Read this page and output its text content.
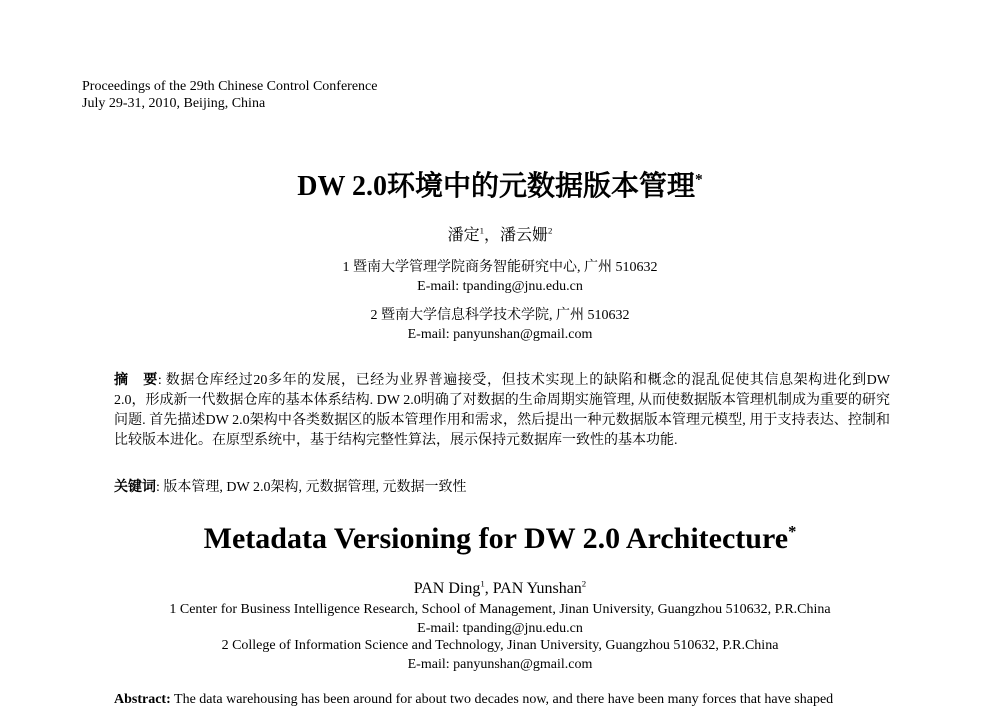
Proceedings of the 29th Chinese Control Conference
July 29-31, 2010, Beijing, China
DW 2.0环境中的元数据版本管理*
潘定$^1$，潘云姗$^2$
1 暨南大学管理学院商务智能研究中心, 广州 510632
E-mail: tpanding@jnu.edu.cn
2 暨南大学信息科学技术学院, 广州 510632
E-mail: panyunshan@gmail.com
摘　要: 数据仓库经过20多年的发展，已经为业界普遍接受，但技术实现上的缺陷和概念的混乱促使其信息架构进化到DW 2.0，形成新一代数据仓库的基本体系结构. DW 2.0明确了对数据的生命周期实施管理, 从而使数据版本管理机制成为重要的研究问题. 首先描述DW 2.0架构中各类数据区的版本管理作用和需求，然后提出一种元数据版本管理元模型, 用于支持表达、控制和比较版本进化。在原型系统中，基于结构完整性算法，展示保持元数据库一致性的基本功能.
关键词: 版本管理, DW 2.0架构, 元数据管理, 元数据一致性
Metadata Versioning for DW 2.0 Architecture*
PAN Ding$^1$, PAN Yunshan$^2$
1 Center for Business Intelligence Research, School of Management, Jinan University, Guangzhou 510632, P.R.China
E-mail: tpanding@jnu.edu.cn
2 College of Information Science and Technology, Jinan University, Guangzhou 510632, P.R.China
E-mail: panyunshan@gmail.com
Abstract: The data warehousing has been around for about two decades now, and there have been many forces that have shaped
